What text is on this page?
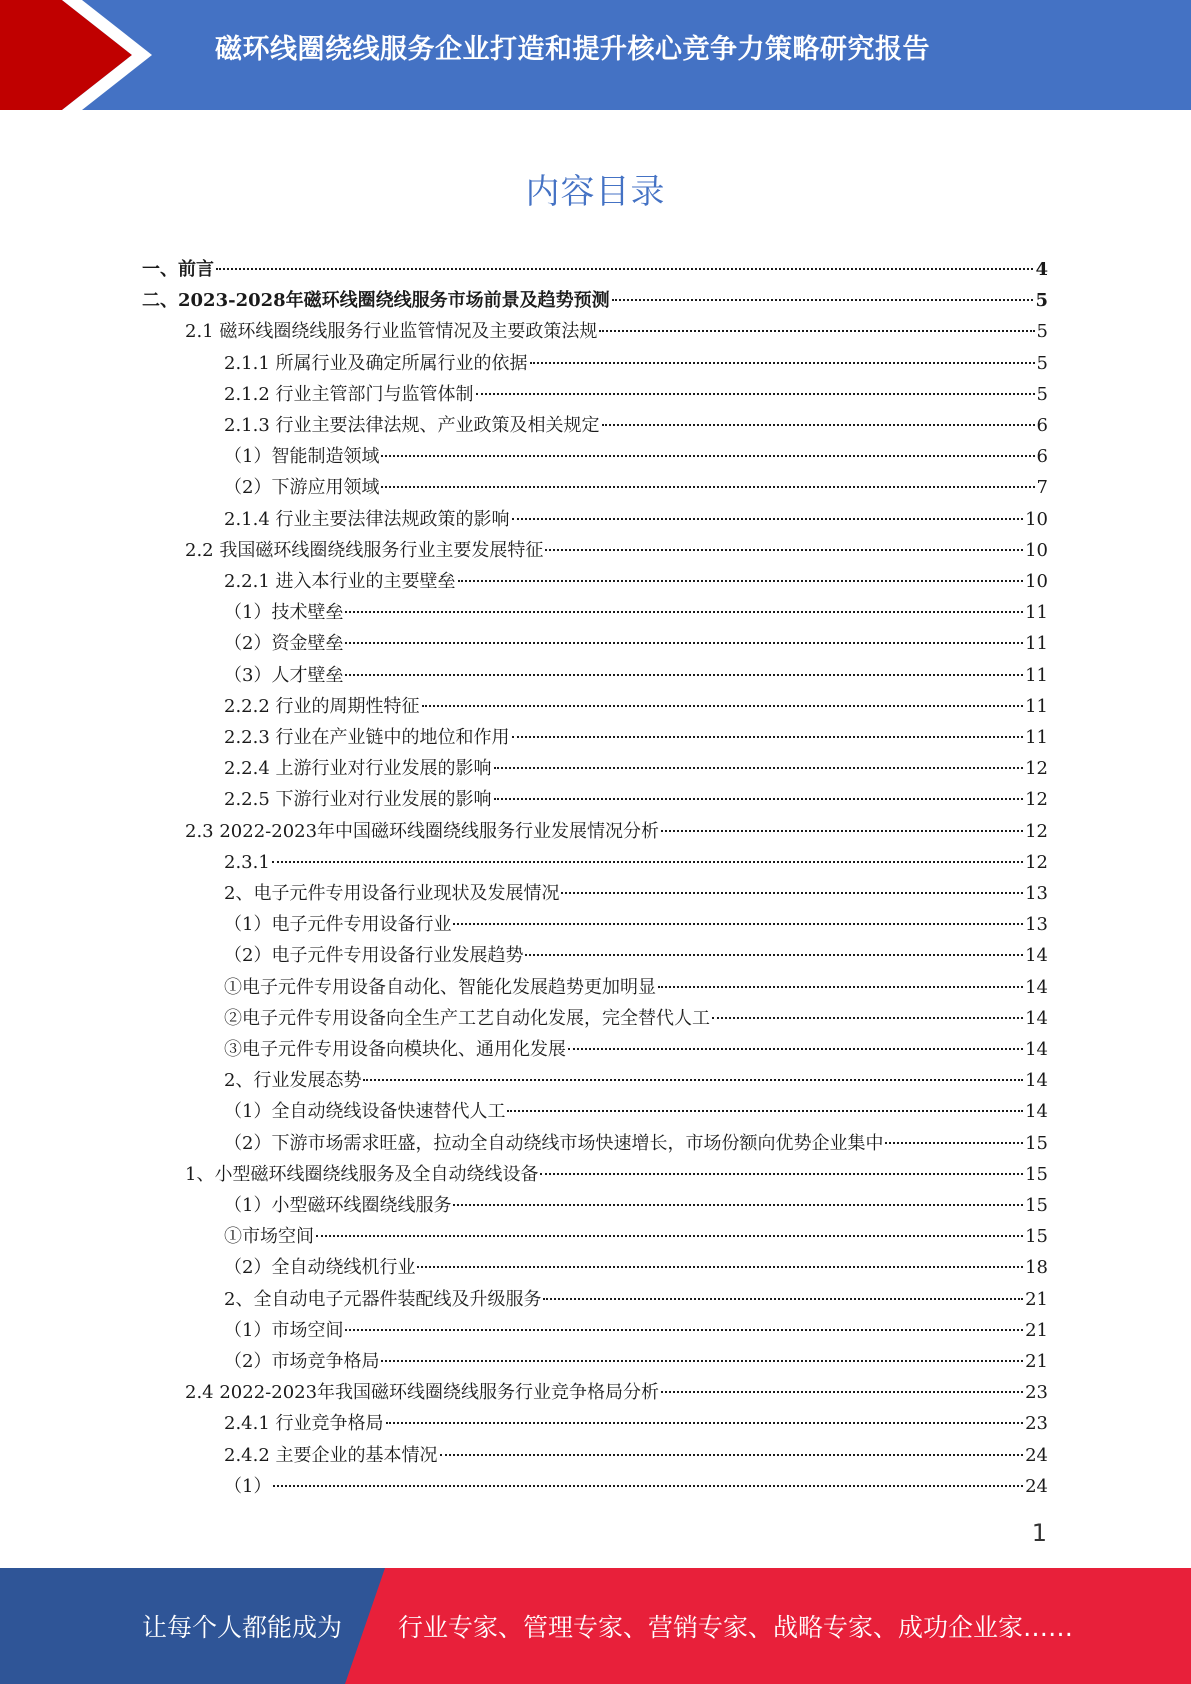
磁环线圈绕线服务企业打造和提升核心竞争力策略研究报告
内容目录
一、前言	4
二、2023-2028年磁环线圈绕线服务市场前景及趋势预测	5
2.1 磁环线圈绕线服务行业监管情况及主要政策法规	5
2.1.1 所属行业及确定所属行业的依据	5
2.1.2 行业主管部门与监管体制	5
2.1.3 行业主要法律法规、产业政策及相关规定	6
（1）智能制造领域	6
（2）下游应用领域	7
2.1.4 行业主要法律法规政策的影响	10
2.2 我国磁环线圈绕线服务行业主要发展特征	10
2.2.1 进入本行业的主要壁垒	10
（1）技术壁垒	11
（2）资金壁垒	11
（3）人才壁垒	11
2.2.2 行业的周期性特征	11
2.2.3 行业在产业链中的地位和作用	11
2.2.4 上游行业对行业发展的影响	12
2.2.5 下游行业对行业发展的影响	12
2.3 2022-2023年中国磁环线圈绕线服务行业发展情况分析	12
2.3.1	12
2、电子元件专用设备行业现状及发展情况	13
（1）电子元件专用设备行业	13
（2）电子元件专用设备行业发展趋势	14
①电子元件专用设备自动化、智能化发展趋势更加明显	14
②电子元件专用设备向全生产工艺自动化发展，完全替代人工	14
③电子元件专用设备向模块化、通用化发展	14
2、行业发展态势	14
（1）全自动绕线设备快速替代人工	14
（2）下游市场需求旺盛，拉动全自动绕线市场快速增长，市场份额向优势企业集中	15
1、小型磁环线圈绕线服务及全自动绕线设备	15
（1）小型磁环线圈绕线服务	15
①市场空间	15
（2）全自动绕线机行业	18
2、全自动电子元器件装配线及升级服务	21
（1）市场空间	21
（2）市场竞争格局	21
2.4 2022-2023年我国磁环线圈绕线服务行业竞争格局分析	23
2.4.1 行业竞争格局	23
2.4.2 主要企业的基本情况	24
（1）	24
1
让每个人都能成为 行业专家、管理专家、营销专家、战略专家、成功企业家……
